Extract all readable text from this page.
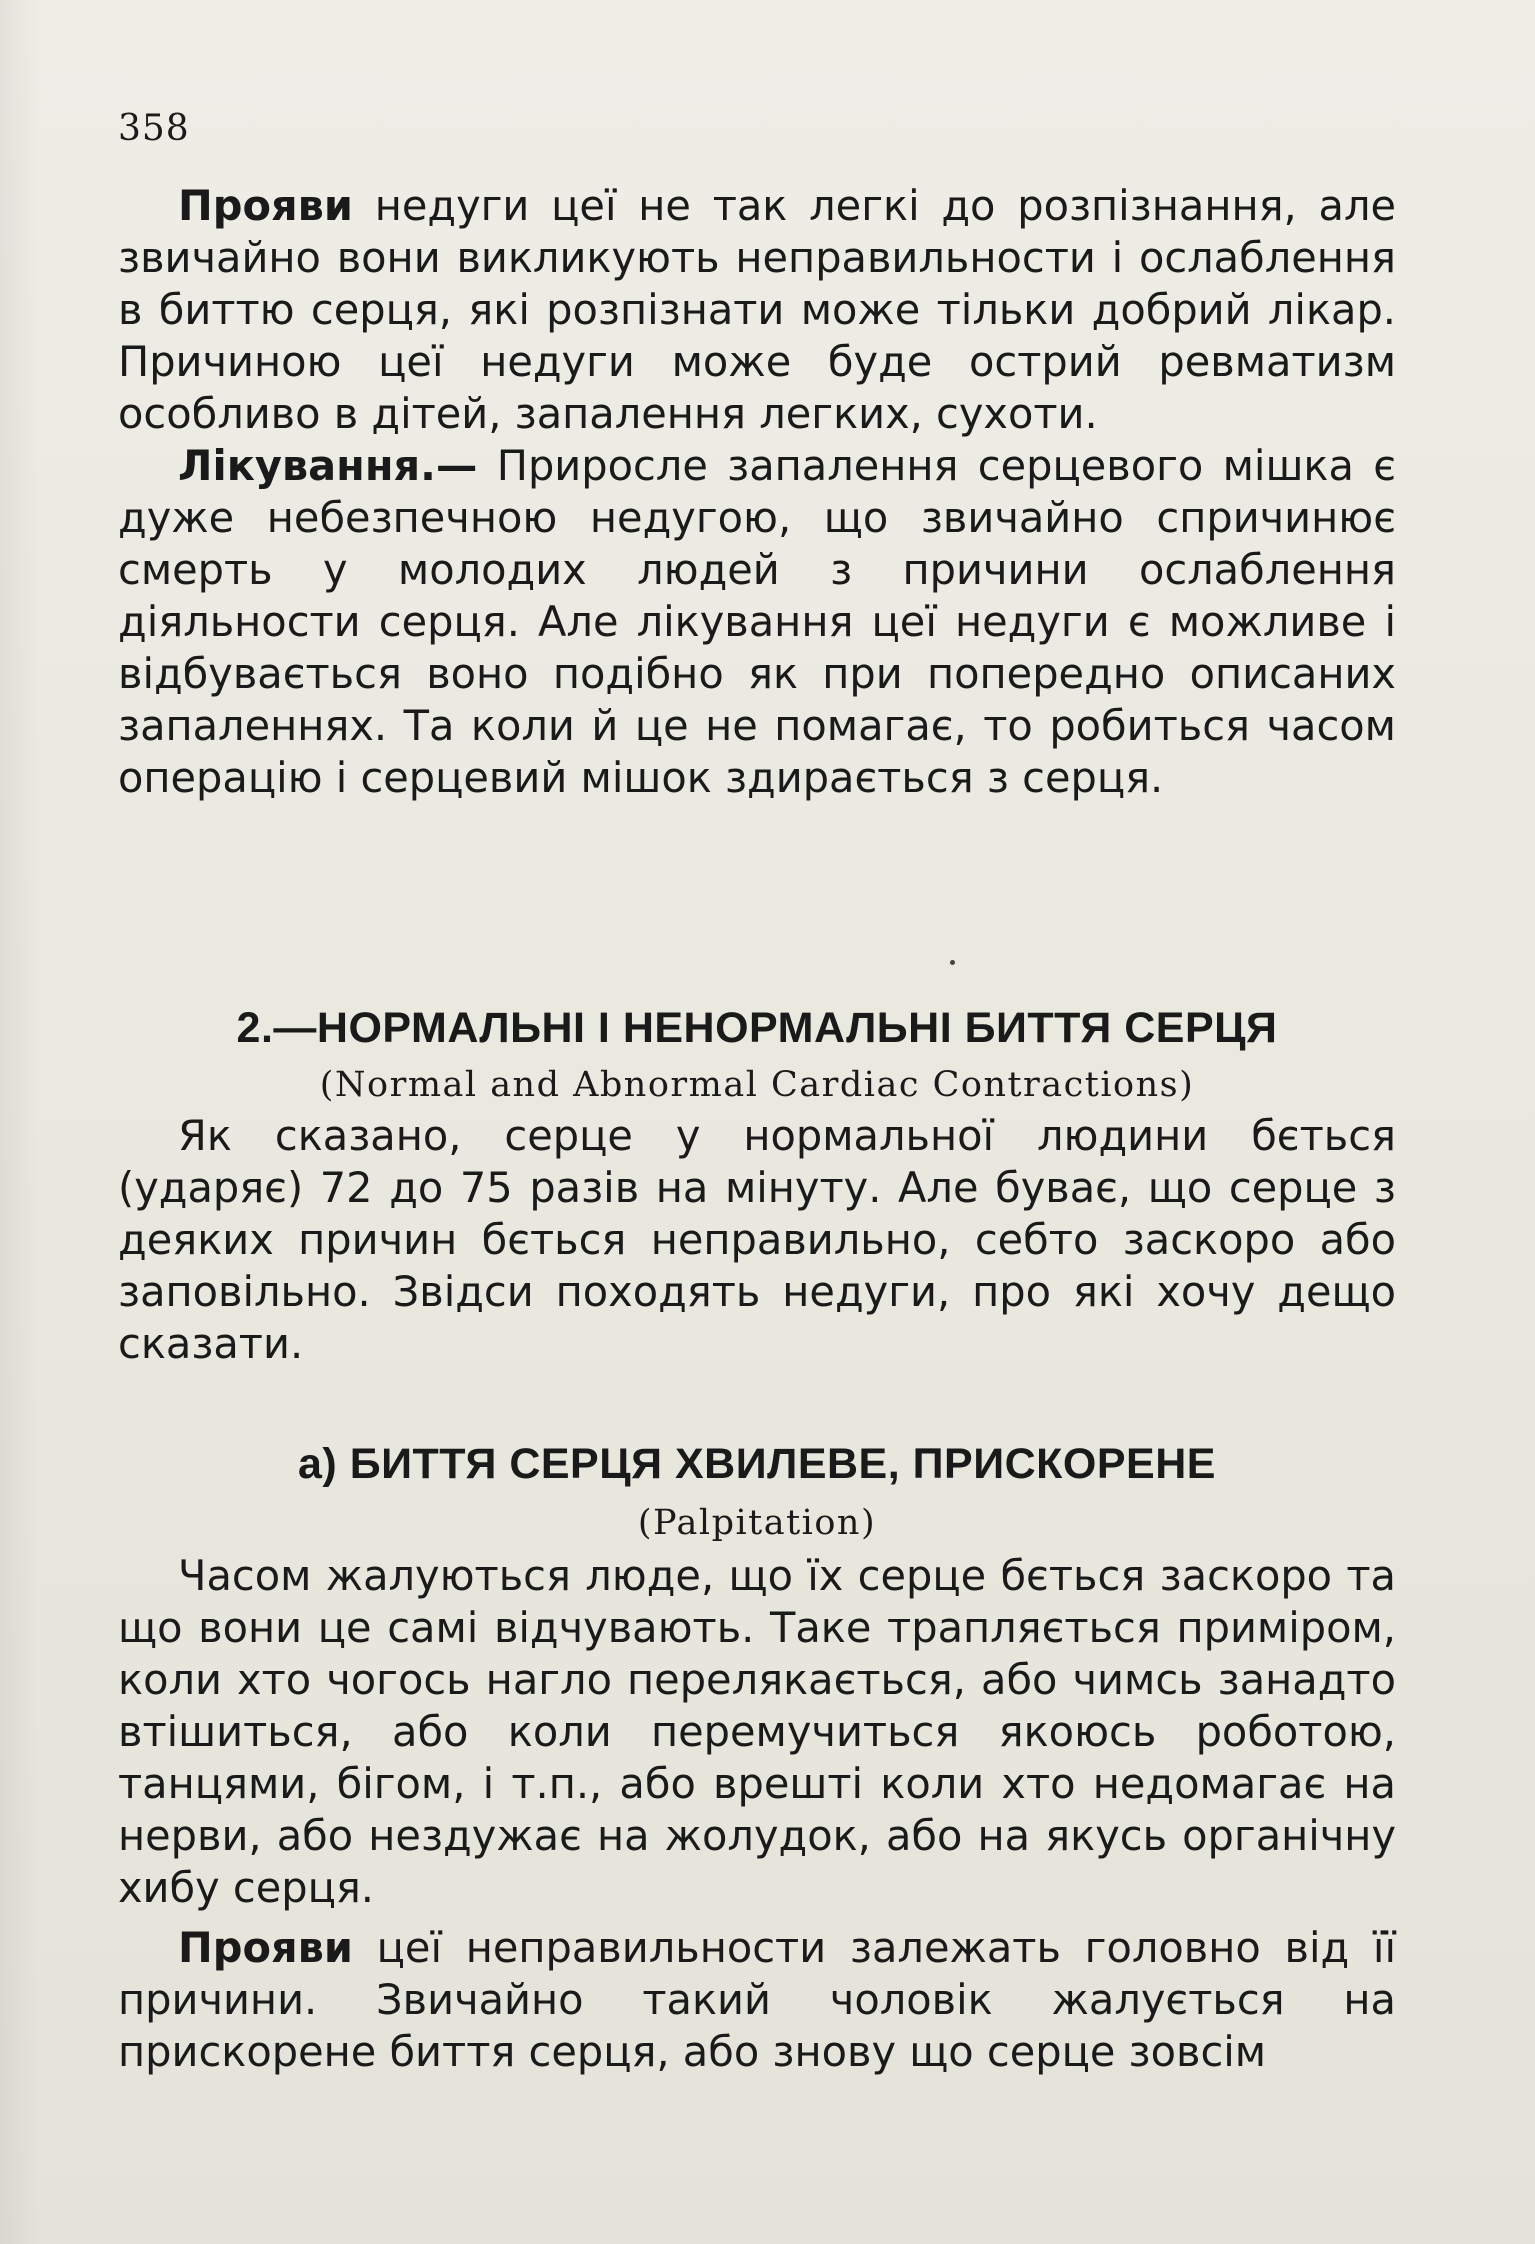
358

Прояви недуги цеї не так легкі до розпізнання, але звичайно вони викликують неправильности і ослаблення в биттю серця, які розпізнати може тільки добрий лікар. Причиною цеї недуги може буде острий ревматизм особливо в дітей, запалення легких, сухоти.

Лікування.— Приросле запалення серцевого мішка є дуже небезпечною недугою, що звичайно спричинює смерть у молодих людей з причини ослаблення діяльности серця. Але лікування цеї недуги є можливе і відбувається воно подібно як при попередно описаних запаленнях. Та коли й це не помагає, то робиться часом операцію і серцевий мішок здирається з серця.

2.—НОРМАЛЬНІ І НЕНОРМАЛЬНІ БИТТЯ СЕРЦЯ
(Normal and Abnormal Cardiac Contractions)

Як сказано, серце у нормальної людини бється (ударяє) 72 до 75 разів на мінуту. Але буває, що серце з деяких причин бється неправильно, себто заскоро або заповільно. Звідси походять недуги, про які хочу дещо сказати.

а) БИТТЯ СЕРЦЯ ХВИЛЕВЕ, ПРИСКОРЕНЕ
(Palpitation)

Часом жалуються люде, що їх серце бється заскоро та що вони це самі відчувають. Таке трапляється приміром, коли хто чогось нагло перелякається, або чимсь занадто втішиться, або коли перемучиться якоюсь роботою, танцями, бігом, і т.п., або врешті коли хто недомагає на нерви, або нездужає на жолудок, або на якусь органічну хибу серця.

Прояви цеї неправильности залежать головно від її причини. Звичайно такий чоловік жалується на прискорене биття серця, або знову що серце зовсім
